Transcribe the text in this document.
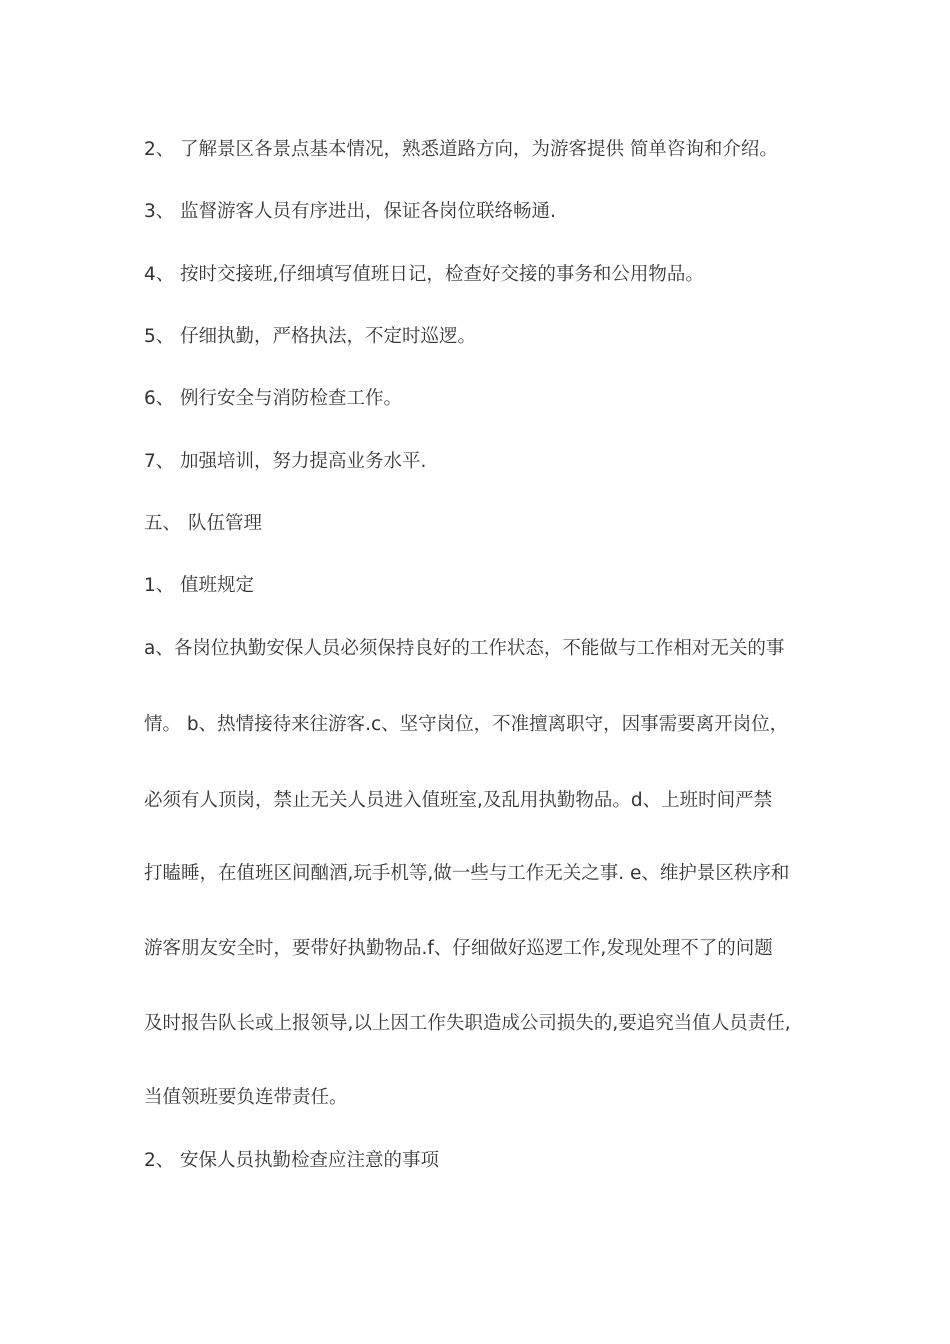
2、 了解景区各景点基本情况，熟悉道路方向，为游客提供 简单咨询和介绍。
3、 监督游客人员有序进出，保证各岗位联络畅通.
4、 按时交接班,仔细填写值班日记，检查好交接的事务和公用物品。
5、 仔细执勤，严格执法，不定时巡逻。
6、 例行安全与消防检查工作。
7、 加强培训，努力提高业务水平.
五、 队伍管理
1、 值班规定
a、各岗位执勤安保人员必须保持良好的工作状态，不能做与工作相对无关的事
情。 b、热情接待来往游客.c、坚守岗位，不准擅离职守，因事需要离开岗位，
必须有人顶岗，禁止无关人员进入值班室,及乱用执勤物品。d、上班时间严禁
打瞌睡，在值班区间酗酒,玩手机等,做一些与工作无关之事. e、维护景区秩序和
游客朋友安全时，要带好执勤物品.f、仔细做好巡逻工作,发现处理不了的问题
及时报告队长或上报领导,以上因工作失职造成公司损失的,要追究当值人员责任,
当值领班要负连带责任。
2、 安保人员执勤检查应注意的事项
